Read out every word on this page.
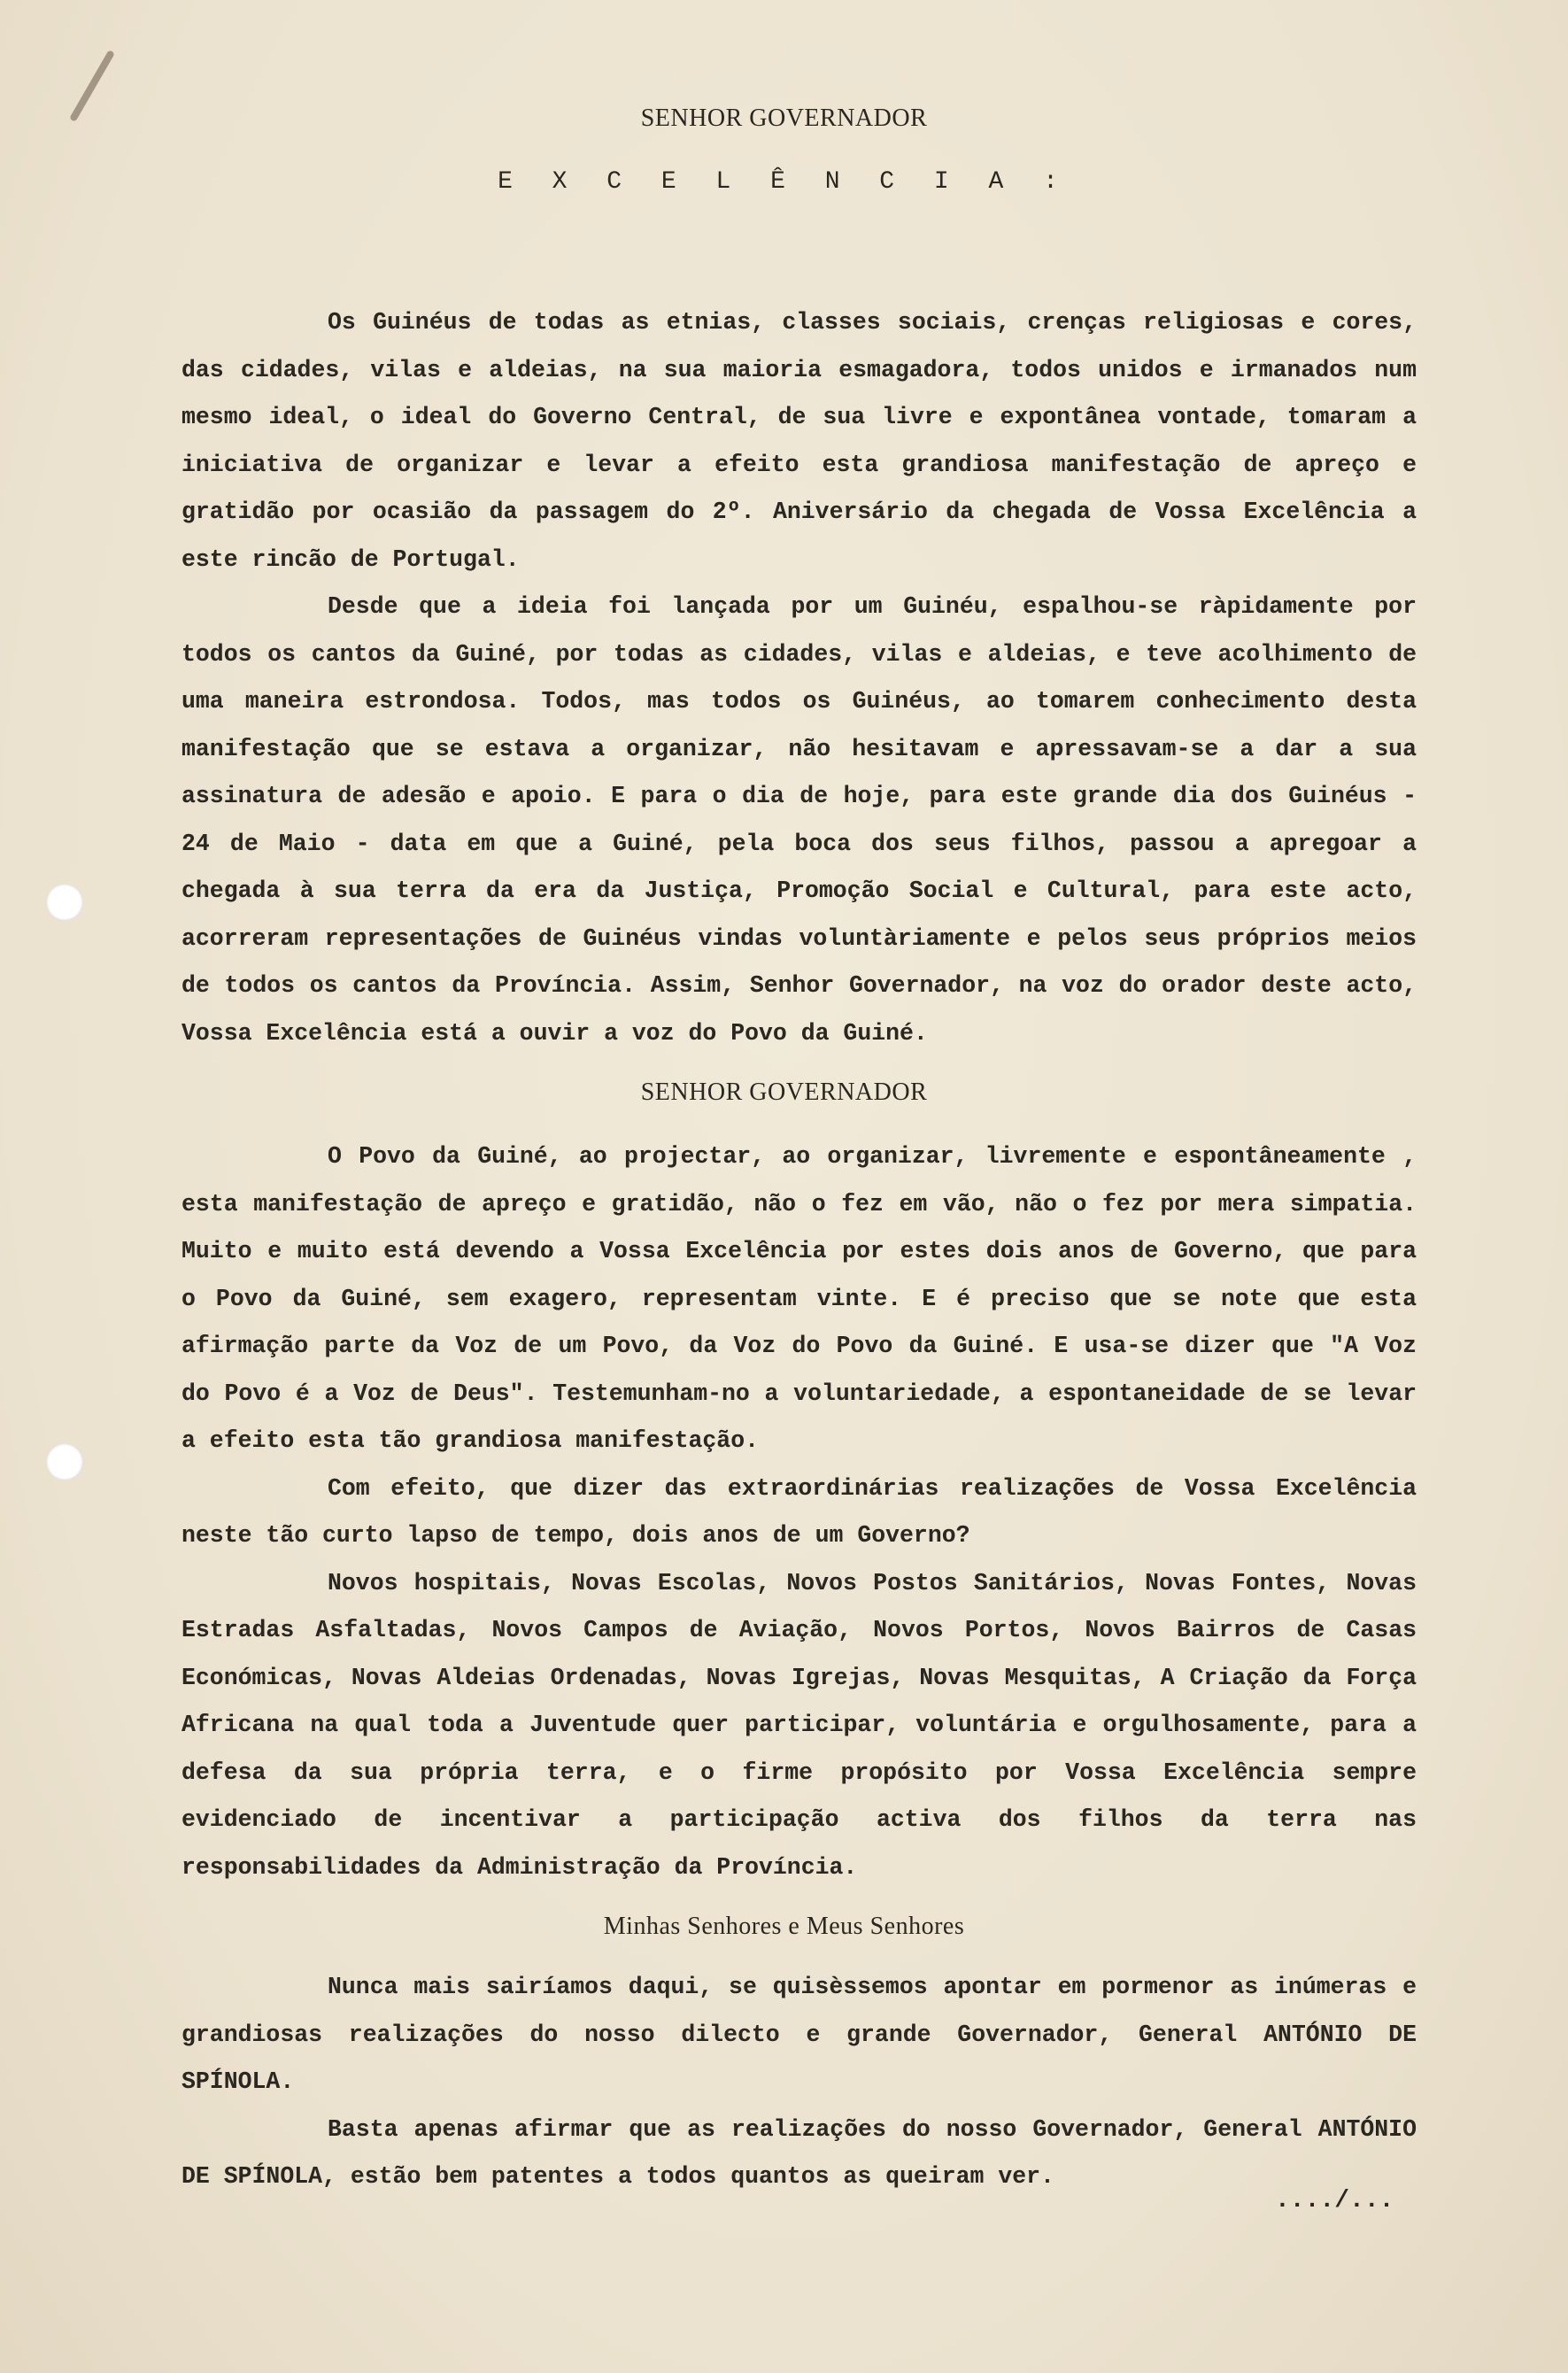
SENHOR GOVERNADOR
E X C E L Ê N C I A :

Os Guinéus de todas as etnias, classes sociais, crenças religiosas e cores, das cidades, vilas e aldeias, na sua maioria esmagadora, todos unidos e irmanados num mesmo ideal, o ideal do Governo Central, de sua livre e expontânea vontade, tomaram a iniciativa de organizar e levar a efeito esta grandiosa manifestação de apreço e gratidão por ocasião da passagem do 2º. Aniversário da chegada de Vossa Excelência a este rincão de Portugal.

Desde que a ideia foi lançada por um Guinéu, espalhou-se ràpidamente por todos os cantos da Guiné, por todas as cidades, vilas e aldeias, e teve acolhimento de uma maneira estrondosa. Todos, mas todos os Guinéus, ao tomarem conhecimento desta manifestação que se estava a organizar, não hesitavam e apressavam-se a dar a sua assinatura de adesão e apoio. E para o dia de hoje, para este grande dia dos Guinéus - 24 de Maio - data em que a Guiné, pela boca dos seus filhos, passou a apregoar a chegada à sua terra da era da Justiça, Promoção Social e Cultural, para este acto, acorreram representações de Guinéus vindas voluntàriamente e pelos seus próprios meios de todos os cantos da Província. Assim, Senhor Governador, na voz do orador deste acto, Vossa Excelência está a ouvir a voz do Povo da Guiné.

SENHOR GOVERNADOR

O Povo da Guiné, ao projectar, ao organizar, livremente e espontâneamente , esta manifestação de apreço e gratidão, não o fez em vão, não o fez por mera simpatia. Muito e muito está devendo a Vossa Excelência por estes dois anos de Governo, que para o Povo da Guiné, sem exagero, representam vinte. E é preciso que se note que esta afirmação parte da Voz de um Povo, da Voz do Povo da Guiné. E usa-se dizer que "A Voz do Povo é a Voz de Deus". Testemunham-no a voluntariedade, a espontaneidade de se levar a efeito esta tão grandiosa manifestação.

Com efeito, que dizer das extraordinárias realizações de Vossa Excelência neste tão curto lapso de tempo, dois anos de um Governo?

Novos hospitais, Novas Escolas, Novos Postos Sanitários, Novas Fontes, Novas Estradas Asfaltadas, Novos Campos de Aviação, Novos Portos, Novos Bairros de Casas Económicas, Novas Aldeias Ordenadas, Novas Igrejas, Novas Mesquitas, A Criação da Força Africana na qual toda a Juventude quer participar, voluntária e orgulhosamente, para a defesa da sua própria terra, e o firme propósito por Vossa Excelência sempre evidenciado de incentivar a participação activa dos filhos da terra nas responsabilidades da Administração da Província.

Minhas Senhores e Meus Senhores

Nunca mais sairíamos daqui, se quisèssemos apontar em pormenor as inúmeras e grandiosas realizações do nosso dilecto e grande Governador, General ANTÓNIO DE SPÍNOLA.

Basta apenas afirmar que as realizações do nosso Governador, General ANTÓNIO DE SPÍNOLA, estão bem patentes a todos quantos as queiram ver.

..../...
